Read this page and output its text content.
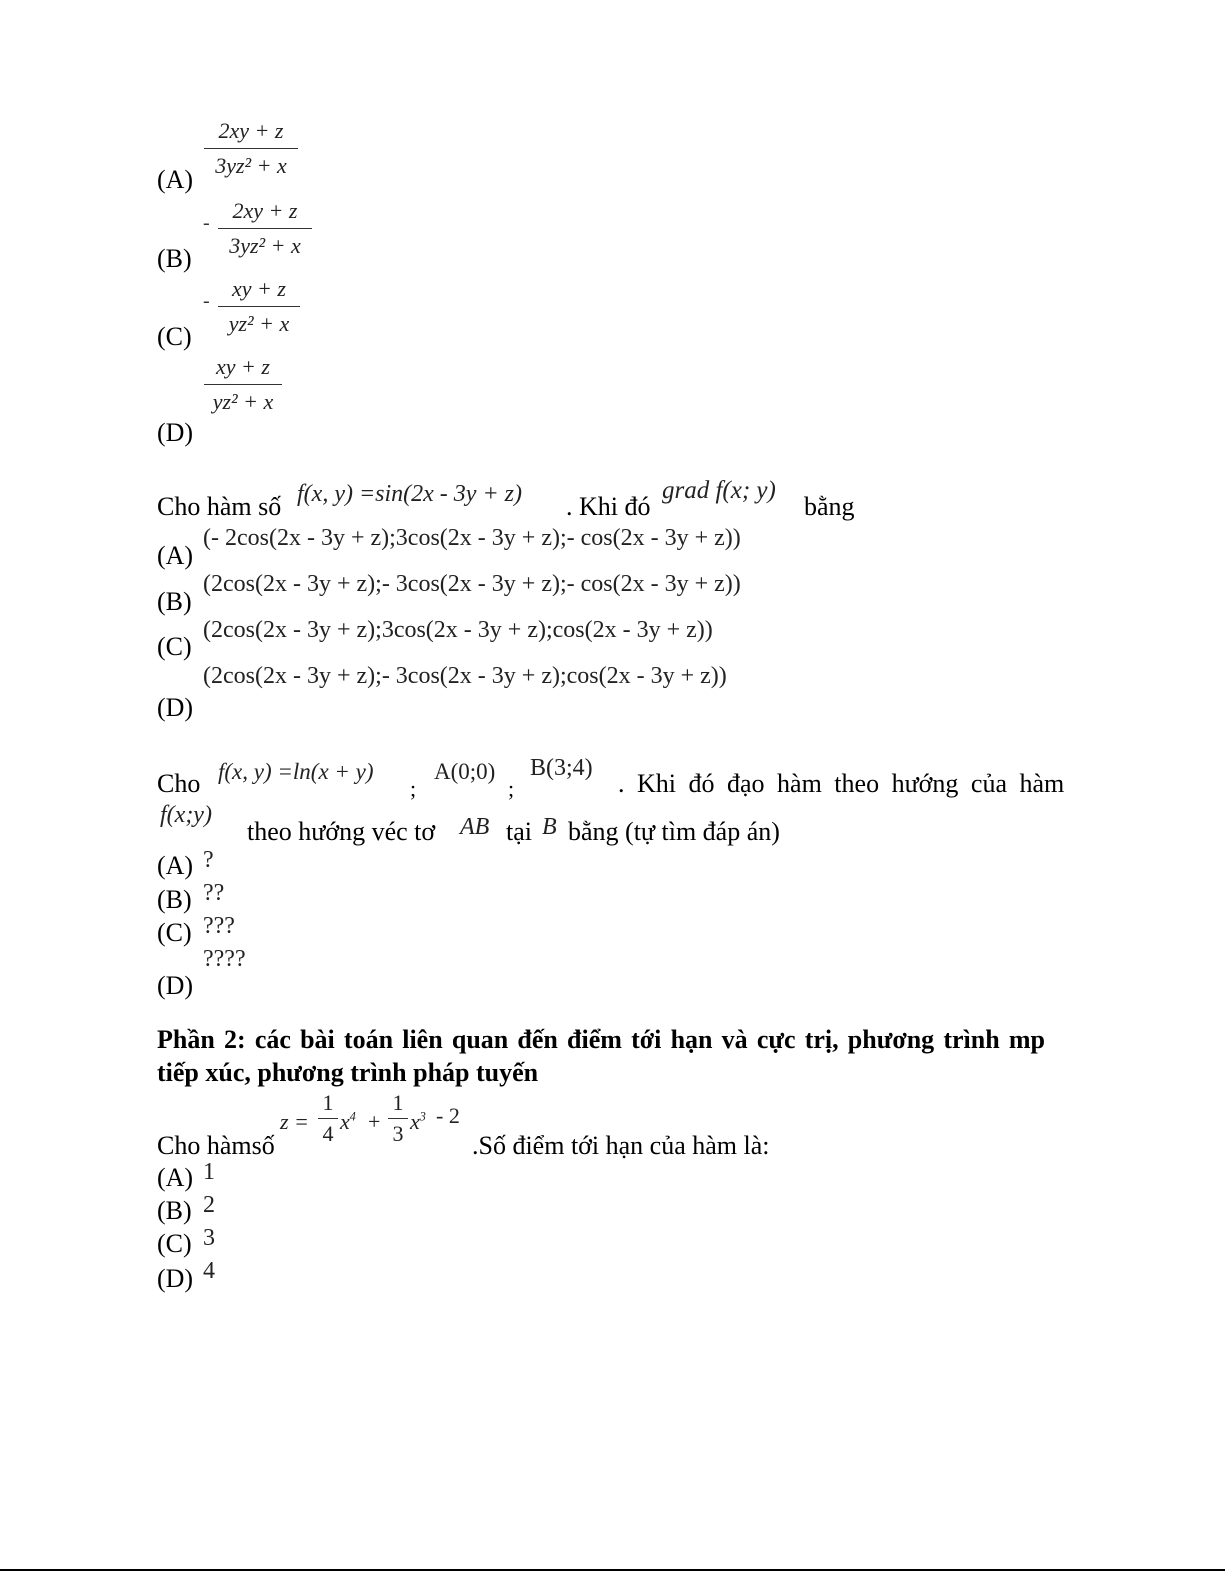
(A)
2xy + z
3yz² + x
(B)
-	2xy + z
3yz² + x
(C)
-	xy + z
yz² + x
(D)
xy + z
yz² + x
Cho hàm số f(x, y) =sin(2x - 3y + z) . Khi đó
grad f(x; y)
bằng
(A)
(- 2cos(2x - 3y + z);3cos(2x - 3y + z);- cos(2x - 3y + z))
(B)
(2cos(2x - 3y + z);- 3cos(2x - 3y + z);- cos(2x - 3y + z))
(C)
(2cos(2x - 3y + z);3cos(2x - 3y + z);cos(2x - 3y + z))
(D)
(2cos(2x - 3y + z);- 3cos(2x - 3y + z);cos(2x - 3y + z))
Cho f(x, y) =ln(x + y)
;
A(0;0)
;
B(3;4)
. Khi đó đạo hàm theo hướng của hàm
f(x;y)
theo hướng véc tơ AB tại B bằng (tự tìm đáp án)
(A) ?
(B) ??
(C) ???
(D)
????
Phần 2: các bài toán liên quan đến điểm tới hạn và cực trị, phương trình mp
tiếp xúc, phương trình pháp tuyến
Cho hàmsố
z =
1
4 $x^4$ +
1
3 $x^3 - 2$
.Số điểm tới hạn của hàm là:
(A) 1
(B) 2
(C) 3
(D) 4
